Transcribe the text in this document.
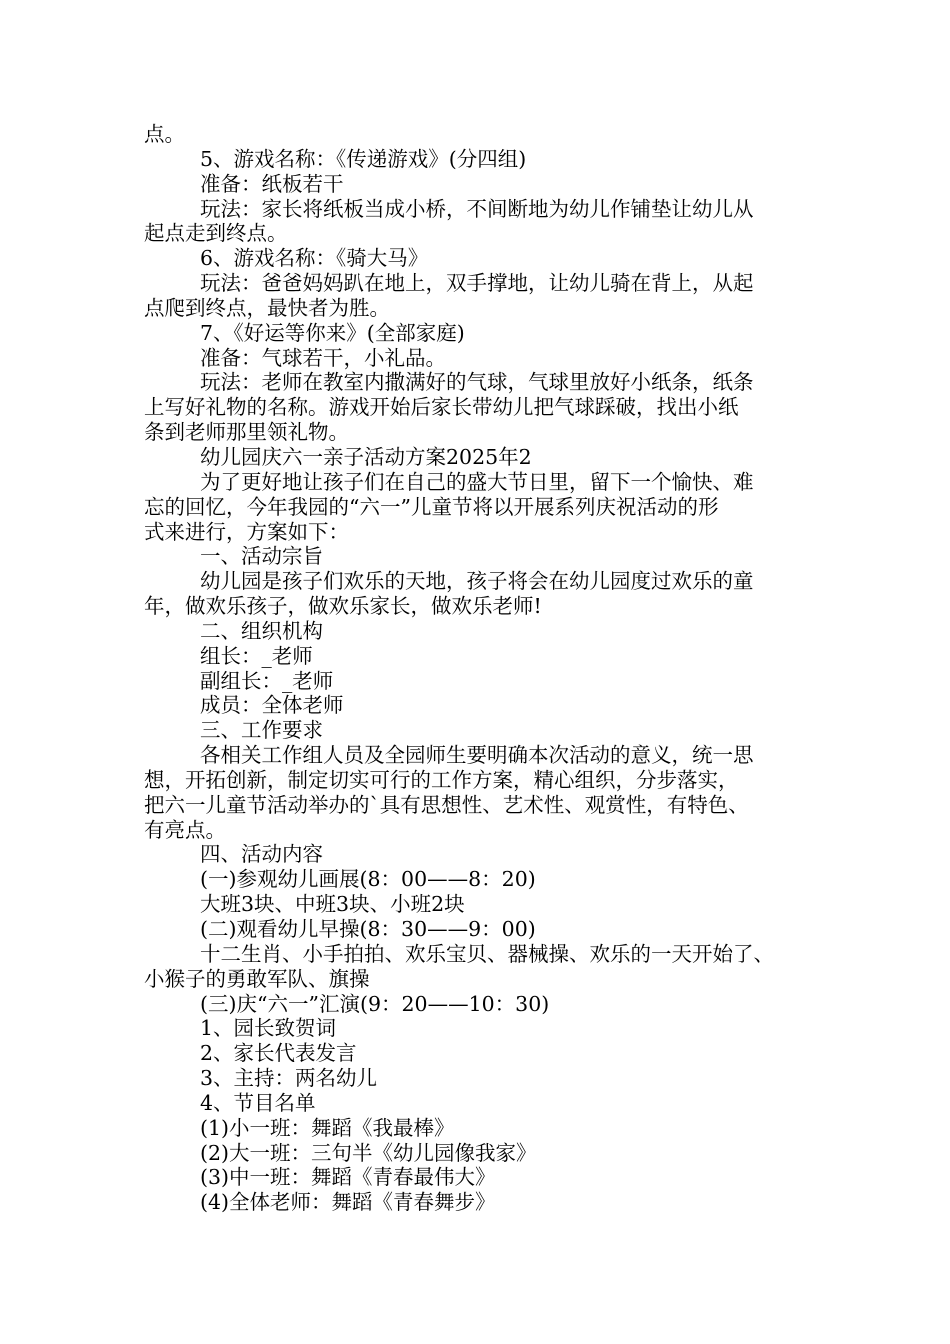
点。
5、游戏名称：《传递游戏》(分四组)
准备：纸板若干
玩法：家长将纸板当成小桥，不间断地为幼儿作铺垫让幼儿从
起点走到终点。
6、游戏名称：《骑大马》
玩法：爸爸妈妈趴在地上，双手撑地，让幼儿骑在背上，从起
点爬到终点，最快者为胜。
7、《好运等你来》(全部家庭)
准备：气球若干，小礼品。
玩法：老师在教室内撒满好的气球，气球里放好小纸条，纸条
上写好礼物的名称。游戏开始后家长带幼儿把气球踩破，找出小纸
条到老师那里领礼物。
幼儿园庆六一亲子活动方案2025年2
为了更好地让孩子们在自己的盛大节日里，留下一个愉快、难
忘的回忆，今年我园的“六一”儿童节将以开展系列庆祝活动的形
式来进行，方案如下：
一、活动宗旨
幼儿园是孩子们欢乐的天地，孩子将会在幼儿园度过欢乐的童
年，做欢乐孩子，做欢乐家长，做欢乐老师!
二、组织机构
组长：_老师
副组长：_老师
成员：全体老师
三、工作要求
各相关工作组人员及全园师生要明确本次活动的意义，统一思
想，开拓创新，制定切实可行的工作方案，精心组织，分步落实，
把六一儿童节活动举办的`具有思想性、艺术性、观赏性，有特色、
有亮点。
四、活动内容
(一)参观幼儿画展(8：00——8：20)
大班3块、中班3块、小班2块
(二)观看幼儿早操(8：30——9：00)
十二生肖、小手拍拍、欢乐宝贝、器械操、欢乐的一天开始了、
小猴子的勇敢军队、旗操
(三)庆“六一”汇演(9：20——10：30)
1、园长致贺词
2、家长代表发言
3、主持：两名幼儿
4、节目名单
(1)小一班：舞蹈《我最棒》
(2)大一班：三句半《幼儿园像我家》
(3)中一班：舞蹈《青春最伟大》
(4)全体老师：舞蹈《青春舞步》
